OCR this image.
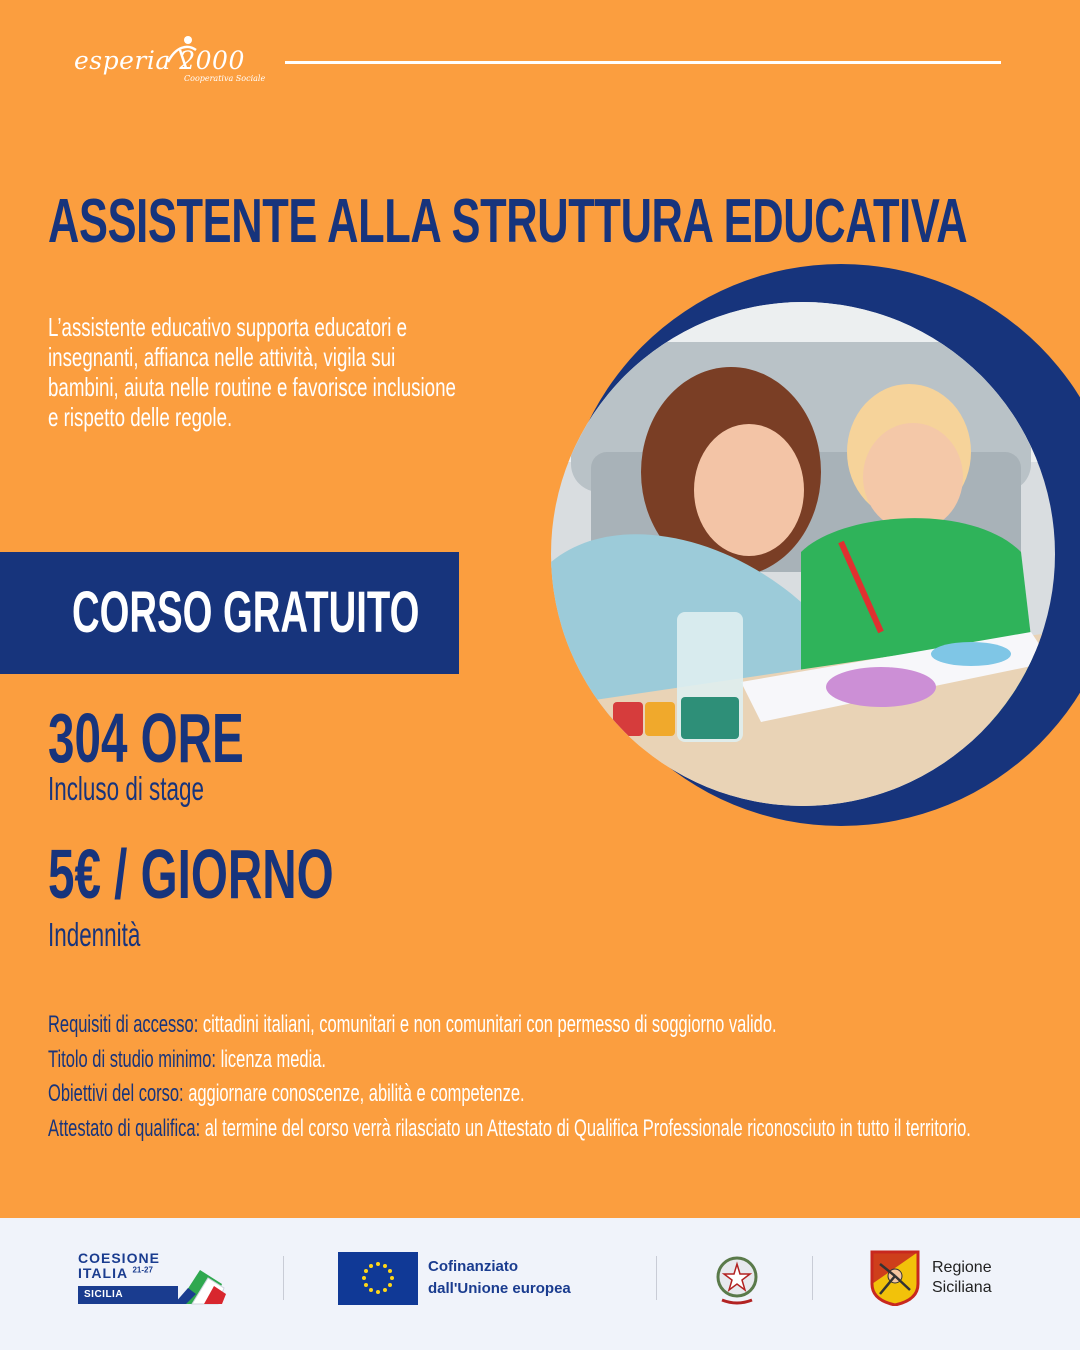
esperia 2000
Cooperativa Sociale
ASSISTENTE ALLA STRUTTURA EDUCATIVA

L’assistente educativo supporta educatori e insegnanti, affianca nelle attività, vigila sui bambini, aiuta nelle routine e favorisce inclusione e rispetto delle regole.

CORSO GRATUITO
304 ORE
Incluso di stage
5€ / GIORNO
Indennità
Requisiti di accesso: cittadini italiani, comunitari e non comunitari con permesso di soggiorno valido.
Titolo di studio minimo: licenza media.
Obiettivi del corso: aggiornare conoscenze, abilità e competenze.
Attestato di qualifica: al termine del corso verrà rilasciato un Attestato di Qualifica Professionale riconosciuto in tutto il territorio.
COESIONE
ITALIA $^{21-27}$
SICILIA
Cofinanziato
dall'Unione europea
Regione
Siciliana
